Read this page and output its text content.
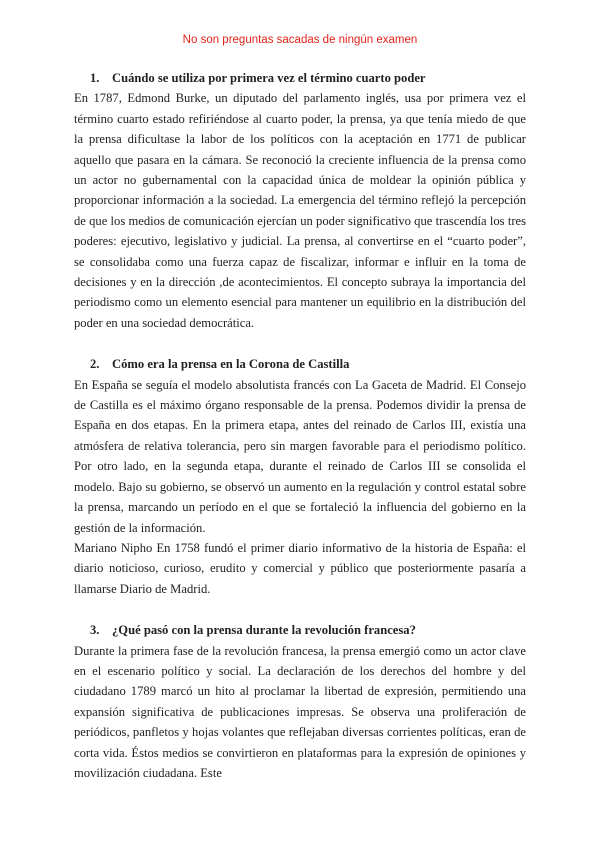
No son preguntas sacadas de ningún examen
1. Cuándo se utiliza por primera vez el término cuarto poder

En 1787, Edmond Burke, un diputado del parlamento inglés, usa por primera vez el término cuarto estado refiriéndose al cuarto poder, la prensa, ya que tenía miedo de que la prensa dificultase la labor de los políticos con la aceptación en 1771 de publicar aquello que pasara en la cámara. Se reconoció la creciente influencia de la prensa como un actor no gubernamental con la capacidad única de moldear la opinión pública y proporcionar información a la sociedad. La emergencia del término reflejó la percepción de que los medios de comunicación ejercían un poder significativo que trascendía los tres poderes: ejecutivo, legislativo y judicial. La prensa, al convertirse en el “cuarto poder”, se consolidaba como una fuerza capaz de fiscalizar, informar e influir en la toma de decisiones y en la dirección ,de acontecimientos. El concepto subraya la importancia del periodismo como un elemento esencial para mantener un equilibrio en la distribución del poder en una sociedad democrática.

2. Cómo era la prensa en la Corona de Castilla

En España se seguía el modelo absolutista francés con La Gaceta de Madrid. El Consejo de Castilla es el máximo órgano responsable de la prensa. Podemos dividir la prensa de España en dos etapas. En la primera etapa, antes del reinado de Carlos III, existía una atmósfera de relativa tolerancia, pero sin margen favorable para el periodismo político. Por otro lado, en la segunda etapa, durante el reinado de Carlos III se consolida el modelo. Bajo su gobierno, se observó un aumento en la regulación y control estatal sobre la prensa, marcando un período en el que se fortaleció la influencia del gobierno en la gestión de la información.

Mariano Nipho En 1758 fundó el primer diario informativo de la historia de España: el diario noticioso, curioso, erudito y comercial y público que posteriormente pasaría a llamarse Diario de Madrid.

3. ¿Qué pasó con la prensa durante la revolución francesa?

Durante la primera fase de la revolución francesa, la prensa emergió como un actor clave en el escenario político y social. La declaración de los derechos del hombre y del ciudadano 1789 marcó un hito al proclamar la libertad de expresión, permitiendo una expansión significativa de publicaciones impresas. Se observa una proliferación de periódicos, panfletos y hojas volantes que reflejaban diversas corrientes políticas, eran de corta vida. Éstos medios se convirtieron en plataformas para la expresión de opiniones y movilización ciudadana. Este
